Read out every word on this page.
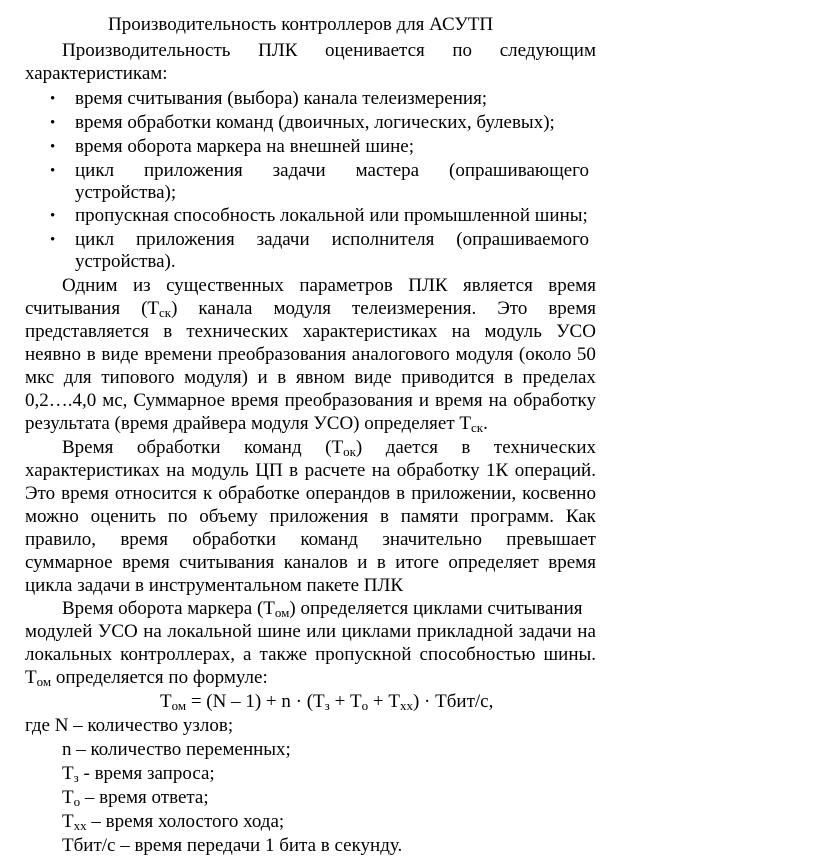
Производительность контроллеров для АСУТП
Производительность ПЛК оценивается по следующим
характеристикам:
• время считывания (выбора) канала телеизмерения;
• время обработки команд (двоичных, логических, булевых);
• время оборота маркера на внешней шине;
• цикл приложения задачи мастера (опрашивающего
устройства);
• пропускная способность локальной или промышленной шины;
• цикл приложения задачи исполнителя (опрашиваемого
устройства).
Одним из существенных параметров ПЛК является время
считывания $(Т_{ск})$ канала модуля телеизмерения. Это время
представляется в технических характеристиках на модуль УСО
неявно в виде времени преобразования аналогового модуля (около 50
мкс для типового модуля) и в явном виде приводится в пределах
0,2….4,0 мс, Суммарное время преобразования и время на обработку
результата (время драйвера модуля УСО) определяет $Т_{ск}$.
Время обработки команд $(Т_{ок})$ дается в технических
характеристиках на модуль ЦП в расчете на обработку 1К операций.
Это время относится к обработке операндов в приложении, косвенно
можно оценить по объему приложения в памяти программ. Как
правило, время обработки команд значительно превышает
суммарное время считывания каналов и в итоге определяет время
цикла задачи в инструментальном пакете ПЛК
Время оборота маркера $(Т_{ом})$ определяется циклами считывания
модулей УСО на локальной шине или циклами прикладной задачи на
локальных контроллерах, а также пропускной способностью шины.
$Т_{ом}$ определяется по формуле:
$Т_{ом} = (N - 1) + n \cdot (Т_з + Т_о + Т_{хх})$ · Тбит/с,
где N – количество узлов;
n – количество переменных;
$Т_з$ - время запроса;
$Т_о$ – время ответа;
$Т_{хх}$ – время холостого хода;
Тбит/с – время передачи 1 бита в секунду.
